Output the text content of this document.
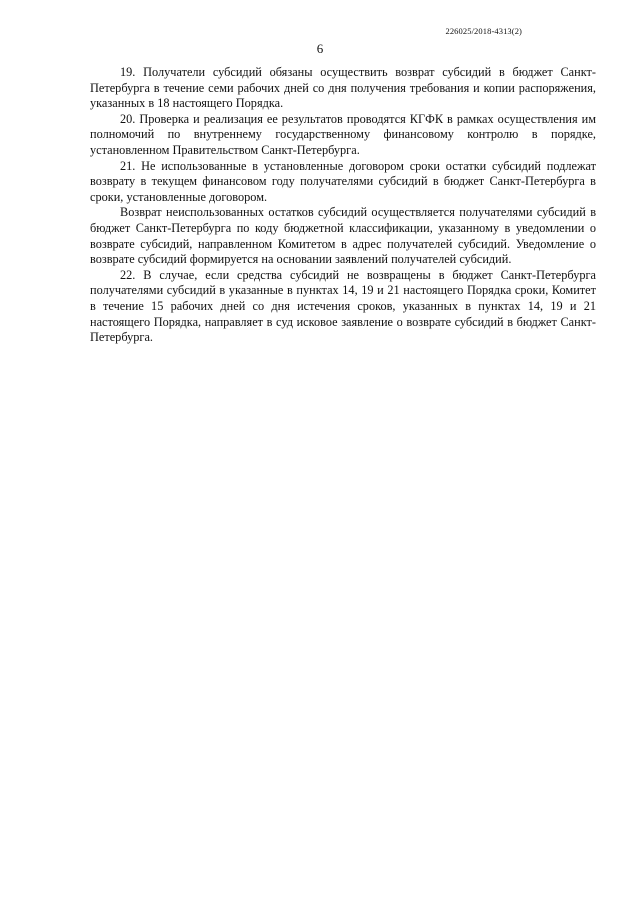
226025/2018-4313(2)
6

19. Получатели субсидий обязаны осуществить возврат субсидий в бюджет Санкт-Петербурга в течение семи рабочих дней со дня получения требования и копии распоряжения, указанных в 18 настоящего Порядка.

20. Проверка и реализация ее результатов проводятся КГФК в рамках осуществления им полномочий по внутреннему государственному финансовому контролю в порядке, установленном Правительством Санкт-Петербурга.

21. Не использованные в установленные договором сроки остатки субсидий подлежат возврату в текущем финансовом году получателями субсидий в бюджет Санкт-Петербурга в сроки, установленные договором.

Возврат неиспользованных остатков субсидий осуществляется получателями субсидий в бюджет Санкт-Петербурга по коду бюджетной классификации, указанному в уведомлении о возврате субсидий, направленном Комитетом в адрес получателей субсидий. Уведомление о возврате субсидий формируется на основании заявлений получателей субсидий.

22. В случае, если средства субсидий не возвращены в бюджет Санкт-Петербурга получателями субсидий в указанные в пунктах 14, 19 и 21 настоящего Порядка сроки, Комитет в течение 15 рабочих дней со дня истечения сроков, указанных в пунктах 14, 19 и 21 настоящего Порядка, направляет в суд исковое заявление о возврате субсидий в бюджет Санкт-Петербурга.
